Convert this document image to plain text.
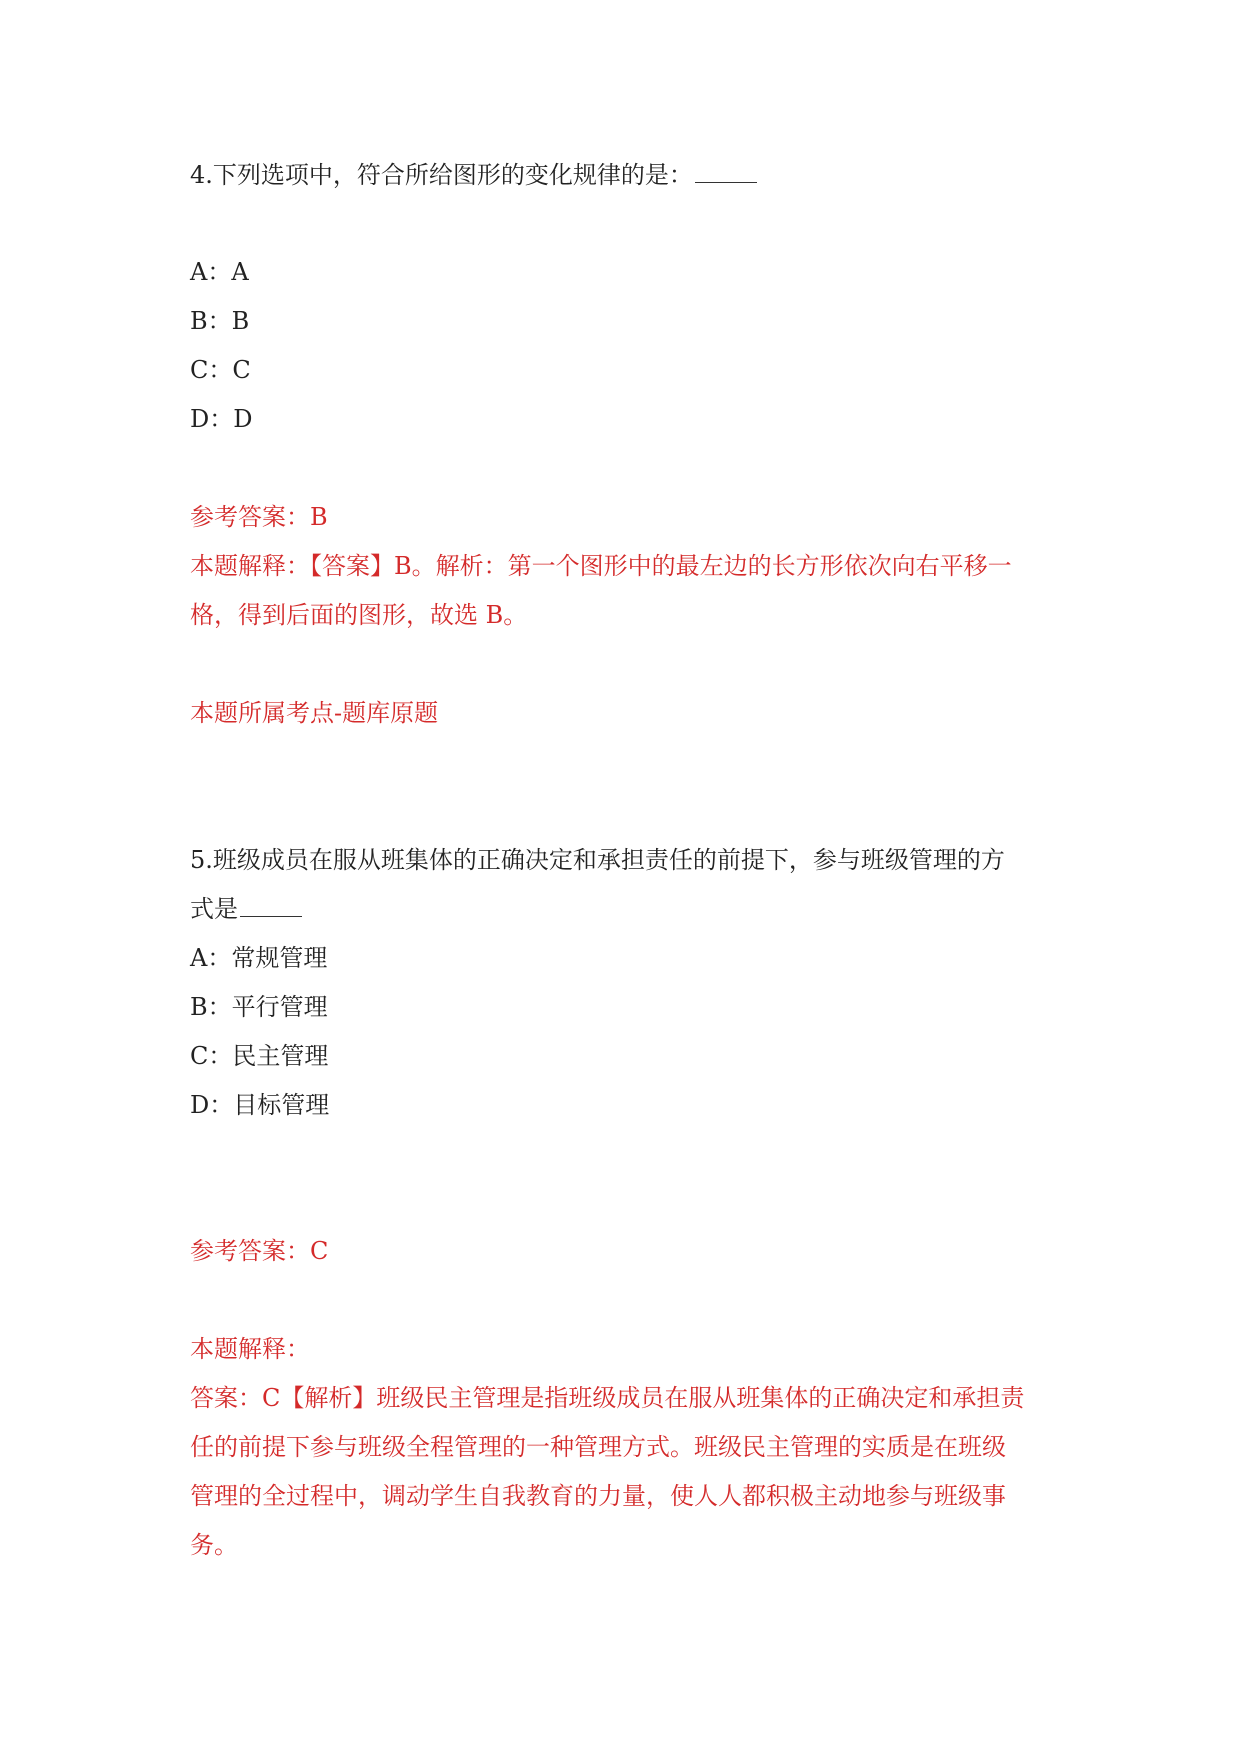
4.下列选项中，符合所给图形的变化规律的是：
A：A
B：B
C：C
D：D
参考答案：B
本题解释：【答案】B。解析：第一个图形中的最左边的长方形依次向右平移一
格，得到后面的图形，故选 B。
本题所属考点-题库原题
5.班级成员在服从班集体的正确决定和承担责任的前提下，参与班级管理的方
式是
A：常规管理
B：平行管理
C：民主管理
D：目标管理
参考答案：C
本题解释：
答案：C【解析】班级民主管理是指班级成员在服从班集体的正确决定和承担责
任的前提下参与班级全程管理的一种管理方式。班级民主管理的实质是在班级
管理的全过程中，调动学生自我教育的力量，使人人都积极主动地参与班级事
务。
